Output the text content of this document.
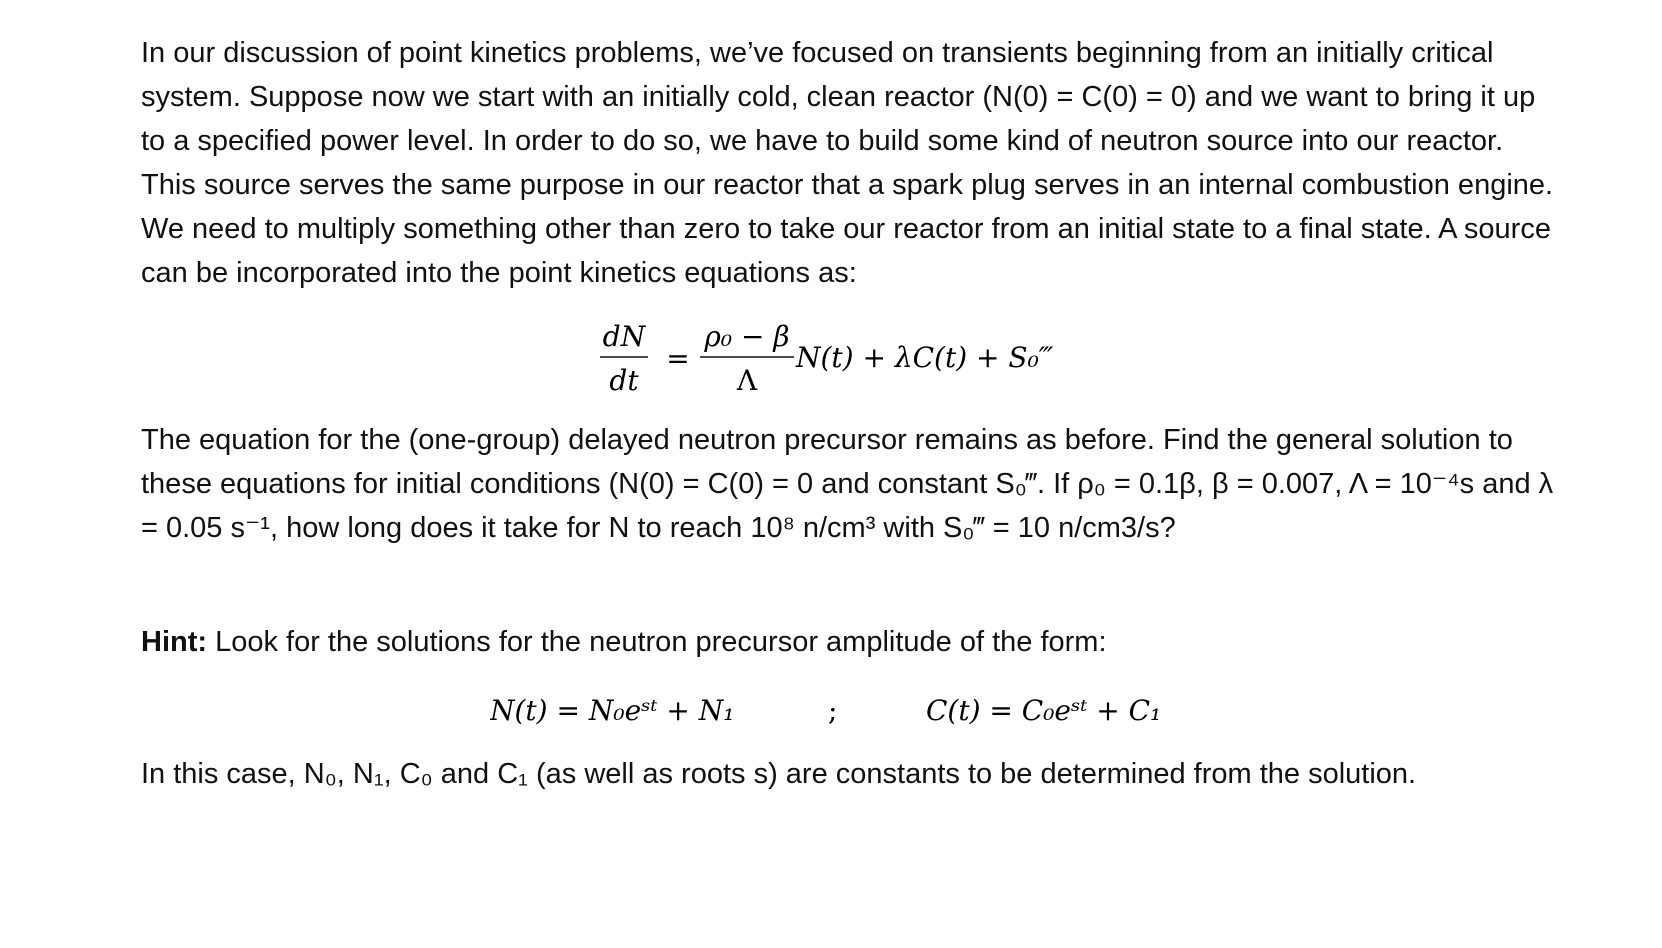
In our discussion of point kinetics problems, we’ve focused on transients beginning from an initially critical system. Suppose now we start with an initially cold, clean reactor (N(0) = C(0) = 0) and we want to bring it up to a specified power level. In order to do so, we have to build some kind of neutron source into our reactor. This source serves the same purpose in our reactor that a spark plug serves in an internal combustion engine. We need to multiply something other than zero to take our reactor from an initial state to a final state. A source can be incorporated into the point kinetics equations as:

dN
dt
=
ρ₀ − β
Λ
N(t) + λC(t) + S₀‴

The equation for the (one-group) delayed neutron precursor remains as before. Find the general solution to these equations for initial conditions (N(0) = C(0) = 0 and constant S₀‴. If ρ₀ = 0.1β, β = 0.007, Λ = 10⁻⁴s and λ = 0.05 s⁻¹, how long does it take for N to reach 10⁸ n/cm³ with S₀‴ = 10 n/cm3/s?

Hint: Look for the solutions for the neutron precursor amplitude of the form:

N(t) = N₀eˢᵗ + N₁	;	C(t) = C₀eˢᵗ + C₁

In this case, N₀, N₁, C₀ and C₁ (as well as roots s) are constants to be determined from the solution.
